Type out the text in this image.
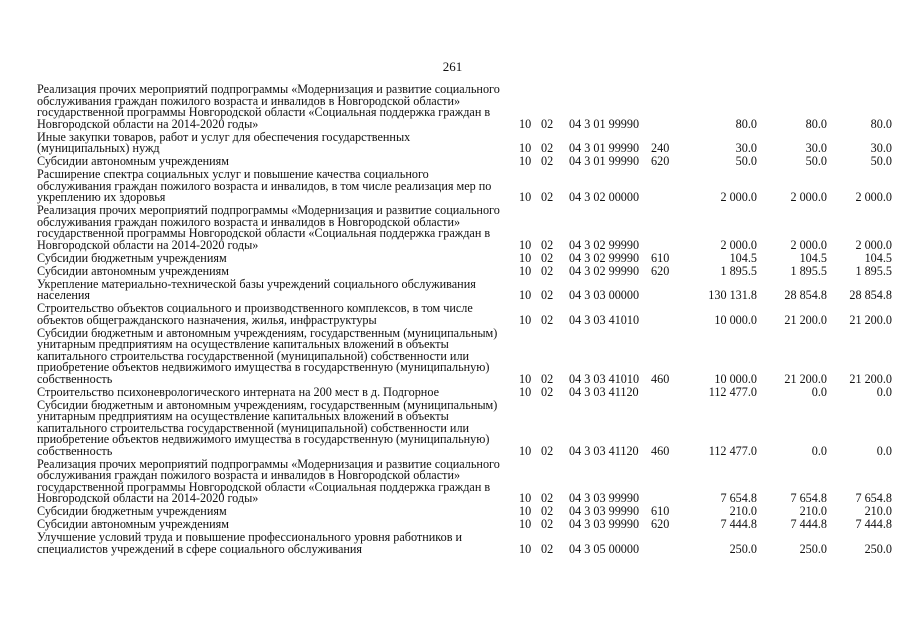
261
Реализация прочих мероприятий подпрограммы «Модернизация и развитие социального обслуживания граждан пожилого возраста и инвалидов в Новгородской области» государственной программы Новгородской области «Социальная поддержка граждан в Новгородской области на 2014-2020 годы»	10	02	04 3 01 99990		80.0	80.0	80.0
Иные закупки товаров, работ и услуг для обеспечения государственных (муниципальных) нужд	10	02	04 3 01 99990	240	30.0	30.0	30.0
Субсидии автономным учреждениям	10	02	04 3 01 99990	620	50.0	50.0	50.0
Расширение спектра социальных услуг и повышение качества социального обслуживания граждан пожилого возраста и инвалидов, в том числе реализация мер по укреплению их здоровья	10	02	04 3 02 00000		2 000.0	2 000.0	2 000.0
Реализация прочих мероприятий подпрограммы «Модернизация и развитие социального обслуживания граждан пожилого возраста и инвалидов в Новгородской области» государственной программы Новгородской области «Социальная поддержка граждан в Новгородской области на 2014-2020 годы»	10	02	04 3 02 99990		2 000.0	2 000.0	2 000.0
Субсидии бюджетным учреждениям	10	02	04 3 02 99990	610	104.5	104.5	104.5
Субсидии автономным учреждениям	10	02	04 3 02 99990	620	1 895.5	1 895.5	1 895.5
Укрепление материально-технической базы учреждений социального обслуживания населения	10	02	04 3 03 00000		130 131.8	28 854.8	28 854.8
Строительство объектов социального и производственного комплексов, в том числе объектов общегражданского назначения, жилья, инфраструктуры	10	02	04 3 03 41010		10 000.0	21 200.0	21 200.0
Субсидии бюджетным и автономным учреждениям, государственным (муниципальным) унитарным предприятиям на осуществление капитальных вложений в объекты капитального строительства государственной (муниципальной) собственности или приобретение объектов недвижимого имущества в государственную (муниципальную) собственность	10	02	04 3 03 41010	460	10 000.0	21 200.0	21 200.0
Строительство психоневрологического интерната на 200 мест в д. Подгорное	10	02	04 3 03 41120		112 477.0	0.0	0.0
Субсидии бюджетным и автономным учреждениям, государственным (муниципальным) унитарным предприятиям на осуществление капитальных вложений в объекты капитального строительства государственной (муниципальной) собственности или приобретение объектов недвижимого имущества в государственную (муниципальную) собственность	10	02	04 3 03 41120	460	112 477.0	0.0	0.0
Реализация прочих мероприятий подпрограммы «Модернизация и развитие социального обслуживания граждан пожилого возраста и инвалидов в Новгородской области» государственной программы Новгородской области «Социальная поддержка граждан в Новгородской области на 2014-2020 годы»	10	02	04 3 03 99990		7 654.8	7 654.8	7 654.8
Субсидии бюджетным учреждениям	10	02	04 3 03 99990	610	210.0	210.0	210.0
Субсидии автономным учреждениям	10	02	04 3 03 99990	620	7 444.8	7 444.8	7 444.8
Улучшение условий труда и повышение профессионального уровня работников и специалистов учреждений в сфере социального обслуживания	10	02	04 3 05 00000		250.0	250.0	250.0
